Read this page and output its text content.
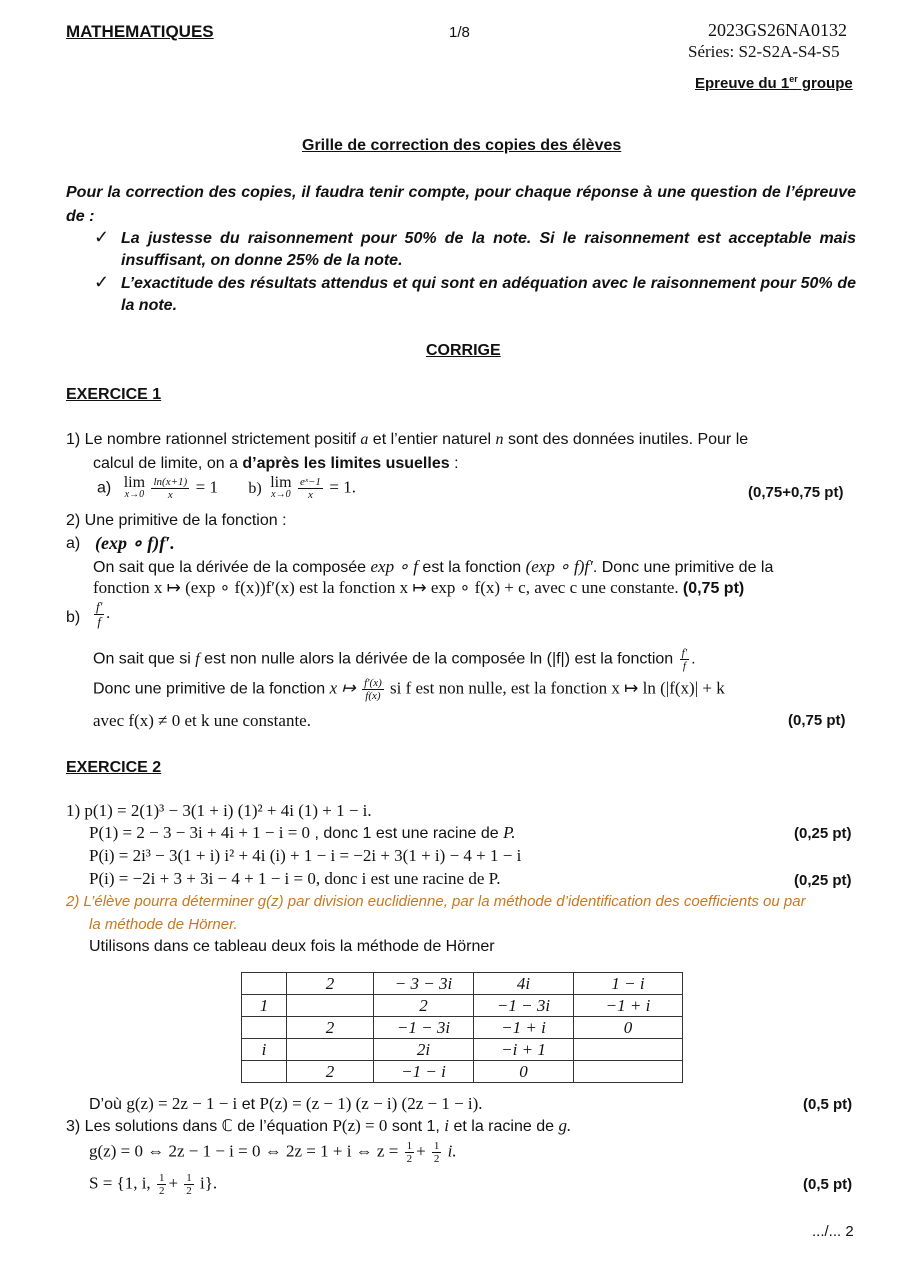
MATHEMATIQUES	1/8	2023GS26NA0132
Séries: S2-S2A-S4-S5
Epreuve du 1er groupe
Grille de correction des copies des élèves
Pour la correction des copies, il faudra tenir compte, pour chaque réponse à une question de l’épreuve de :
✓ La justesse du raisonnement pour 50% de la note. Si le raisonnement est acceptable mais insuffisant, on donne 25% de la note.
✓ L’exactitude des résultats attendus et qui sont en adéquation avec le raisonnement pour 50% de la note.
CORRIGE
EXERCICE 1
1) Le nombre rationnel strictement positif a et l’entier naturel n sont des données inutiles. Pour le
calcul de limite, on a d’après les limites usuelles :
a) lim
x→0
$\frac{\ln(x+1)}{x} = 1$ b) lim
x→0
$\frac{\text{eˣ−1}}{x} = 1$.	(0,75+0,75 pt)
2) Une primitive de la fonction :
a) (exp ∘ f)f′.
On sait que la dérivée de la composée exp ∘ f est la fonction (exp ∘ f)f′. Donc une primitive de la
fonction x ↦ (exp ∘ f(x))f′(x) est la fonction x ↦ exp ∘ f(x) + c, avec c une constante. (0,75 pt)
$b) \frac{f'}{f}$ .
On sait que si f est non nulle alors la dérivée de la composée ln (|f|) est la fonction $\frac{f'}{f}$ .
Donc une primitive de la fonction x ↦ $\frac{f'(x)}{f(x)}$ si f est non nulle, est la fonction x ↦ ln (|f(x)| + k
avec f(x) ≠ 0 et k une constante.	(0,75 pt)
EXERCICE 2
1) p(1) = 2(1)³ − 3(1 + i) (1)² + 4i (1) + 1 − i.
P(1) = 2 − 3 − 3i + 4i + 1 − i = 0 , donc 1 est une racine de P.	(0,25 pt)
P(i) = 2i³ − 3(1 + i) i² + 4i (i) + 1 − i = −2i + 3(1 + i) − 4 + 1 − i
P(i) = −2i + 3 + 3i − 4 + 1 − i = 0, donc i est une racine de P.	(0,25 pt)
2) L’élève pourra déterminer g(z) par division euclidienne, par la méthode d’identification des coefficients ou par
la méthode de Hörner.
Utilisons dans ce tableau deux fois la méthode de Hörner
	2	− 3 − 3i	4i	1 − i
1		2	−1 − 3i	−1 + i
	2	−1 − 3i	−1 + i	0
i		2i	−i + 1	
	2	−1 − i	0	
D’où g(z) = 2z − 1 − i et P(z) = (z − 1) (z − i) (2z − 1 − i).	(0,5 pt)
3) Les solutions dans ℂ de l’équation P(z) = 0 sont 1, i et la racine de g.
g(z) = 0 ⇔ 2z − 1 − i = 0 ⇔ 2z = 1 + i ⇔ $z = \frac{1}{2} + \frac{1}{2} i$.
S = {1, i, $\frac{1}{2} + \frac{1}{2} i$}.	(0,5 pt)
.../... 2
